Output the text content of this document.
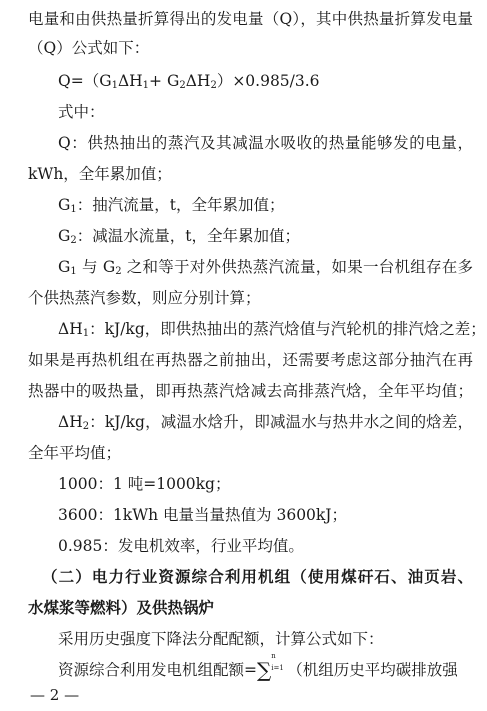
电量和由供热量折算得出的发电量（Q），其中供热量折算发电量
（Q）公式如下：
$Q=(G_1\Delta H_1+ G_2\Delta H_2)\times 0.985/3.6$
式中：
Q：供热抽出的蒸汽及其减温水吸收的热量能够发的电量，
kWh，全年累加值；
$G_1$：抽汽流量，t，全年累加值；
$G_2$：减温水流量，t，全年累加值；
$G_1$ 与 $G_2$ 之和等于对外供热蒸汽流量，如果一台机组存在多
个供热蒸汽参数，则应分别计算；
$\Delta H_1$：kJ/kg，即供热抽出的蒸汽焓值与汽轮机的排汽焓之差；
如果是再热机组在再热器之前抽出，还需要考虑这部分抽汽在再
热器中的吸热量，即再热蒸汽焓减去高排蒸汽焓，全年平均值；
$\Delta H_2$：kJ/kg，减温水焓升，即减温水与热井水之间的焓差，
全年平均值；
1000：1 吨=1000kg；
3600：1kWh 电量当量热值为 3600kJ；
0.985：发电机效率，行业平均值。
（二）电力行业资源综合利用机组（使用煤矸石、油页岩、
水煤浆等燃料）及供热锅炉
采用历史强度下降法分配配额，计算公式如下：
资源综合利用发电机组配额=∑
n
i=1 （机组历史平均碳排放强
— 2 —
